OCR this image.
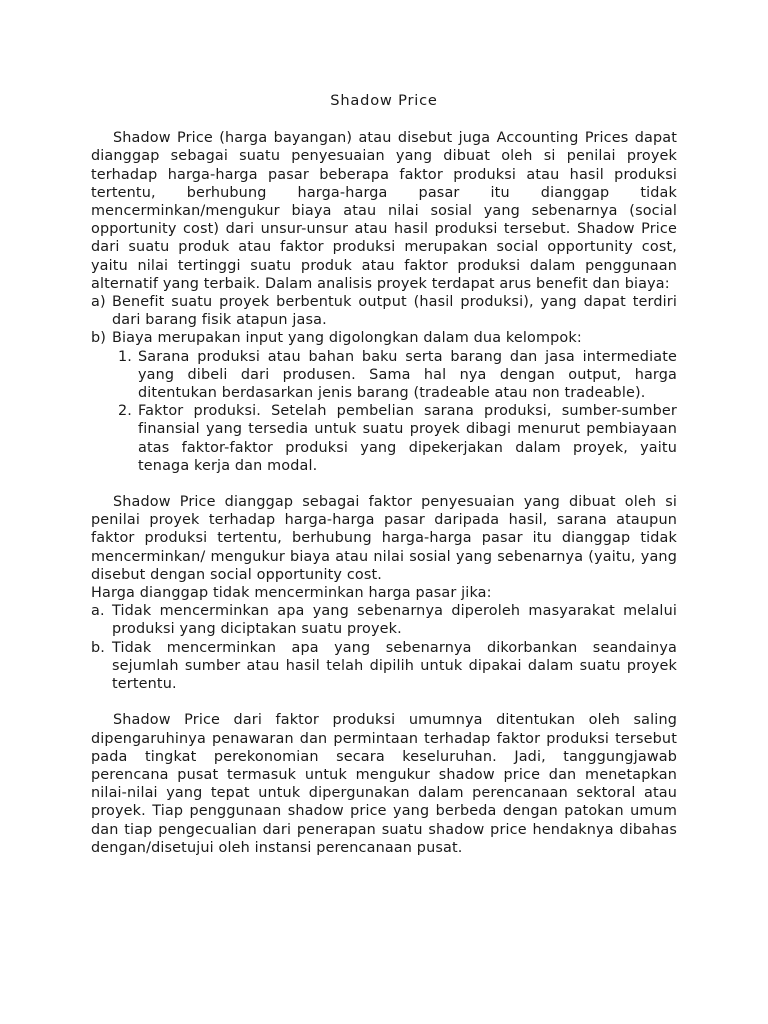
Shadow Price

Shadow Price (harga bayangan) atau disebut juga Accounting Prices dapat dianggap sebagai suatu penyesuaian yang dibuat oleh si penilai proyek terhadap harga-harga pasar beberapa faktor produksi atau hasil produksi tertentu, berhubung harga-harga pasar itu dianggap tidak mencerminkan/mengukur biaya atau nilai sosial yang sebenarnya (social opportunity cost) dari unsur-unsur atau hasil produksi tersebut. Shadow Price dari suatu produk atau faktor produksi merupakan social opportunity cost, yaitu nilai tertinggi suatu produk atau faktor produksi dalam penggunaan alternatif yang terbaik. Dalam analisis proyek terdapat arus benefit dan biaya:

a) Benefit suatu proyek berbentuk output (hasil produksi), yang dapat terdiri dari barang fisik atapun jasa.
b) Biaya merupakan input yang digolongkan dalam dua kelompok:
1. Sarana produksi atau bahan baku serta barang dan jasa intermediate yang dibeli dari produsen. Sama hal nya dengan output, harga ditentukan berdasarkan jenis barang (tradeable atau non tradeable).
2. Faktor produksi. Setelah pembelian sarana produksi, sumber-sumber finansial yang tersedia untuk suatu proyek dibagi menurut pembiayaan atas faktor-faktor produksi yang dipekerjakan dalam proyek, yaitu tenaga kerja dan modal.

Shadow Price dianggap sebagai faktor penyesuaian yang dibuat oleh si penilai proyek terhadap harga-harga pasar daripada hasil, sarana ataupun faktor produksi tertentu, berhubung harga-harga pasar itu dianggap tidak mencerminkan/ mengukur biaya atau nilai sosial yang sebenarnya (yaitu, yang disebut dengan social opportunity cost.

Harga dianggap tidak mencerminkan harga pasar jika:

a. Tidak mencerminkan apa yang sebenarnya diperoleh masyarakat melalui produksi yang diciptakan suatu proyek.
b. Tidak mencerminkan apa yang sebenarnya dikorbankan seandainya sejumlah sumber atau hasil telah dipilih untuk dipakai dalam suatu proyek tertentu.

Shadow Price dari faktor produksi umumnya ditentukan oleh saling dipengaruhinya penawaran dan permintaan terhadap faktor produksi tersebut pada tingkat perekonomian secara keseluruhan. Jadi, tanggungjawab perencana pusat termasuk untuk mengukur shadow price dan menetapkan nilai-nilai yang tepat untuk dipergunakan dalam perencanaan sektoral atau proyek. Tiap penggunaan shadow price yang berbeda dengan patokan umum dan tiap pengecualian dari penerapan suatu shadow price hendaknya dibahas dengan/disetujui oleh instansi perencanaan pusat.
